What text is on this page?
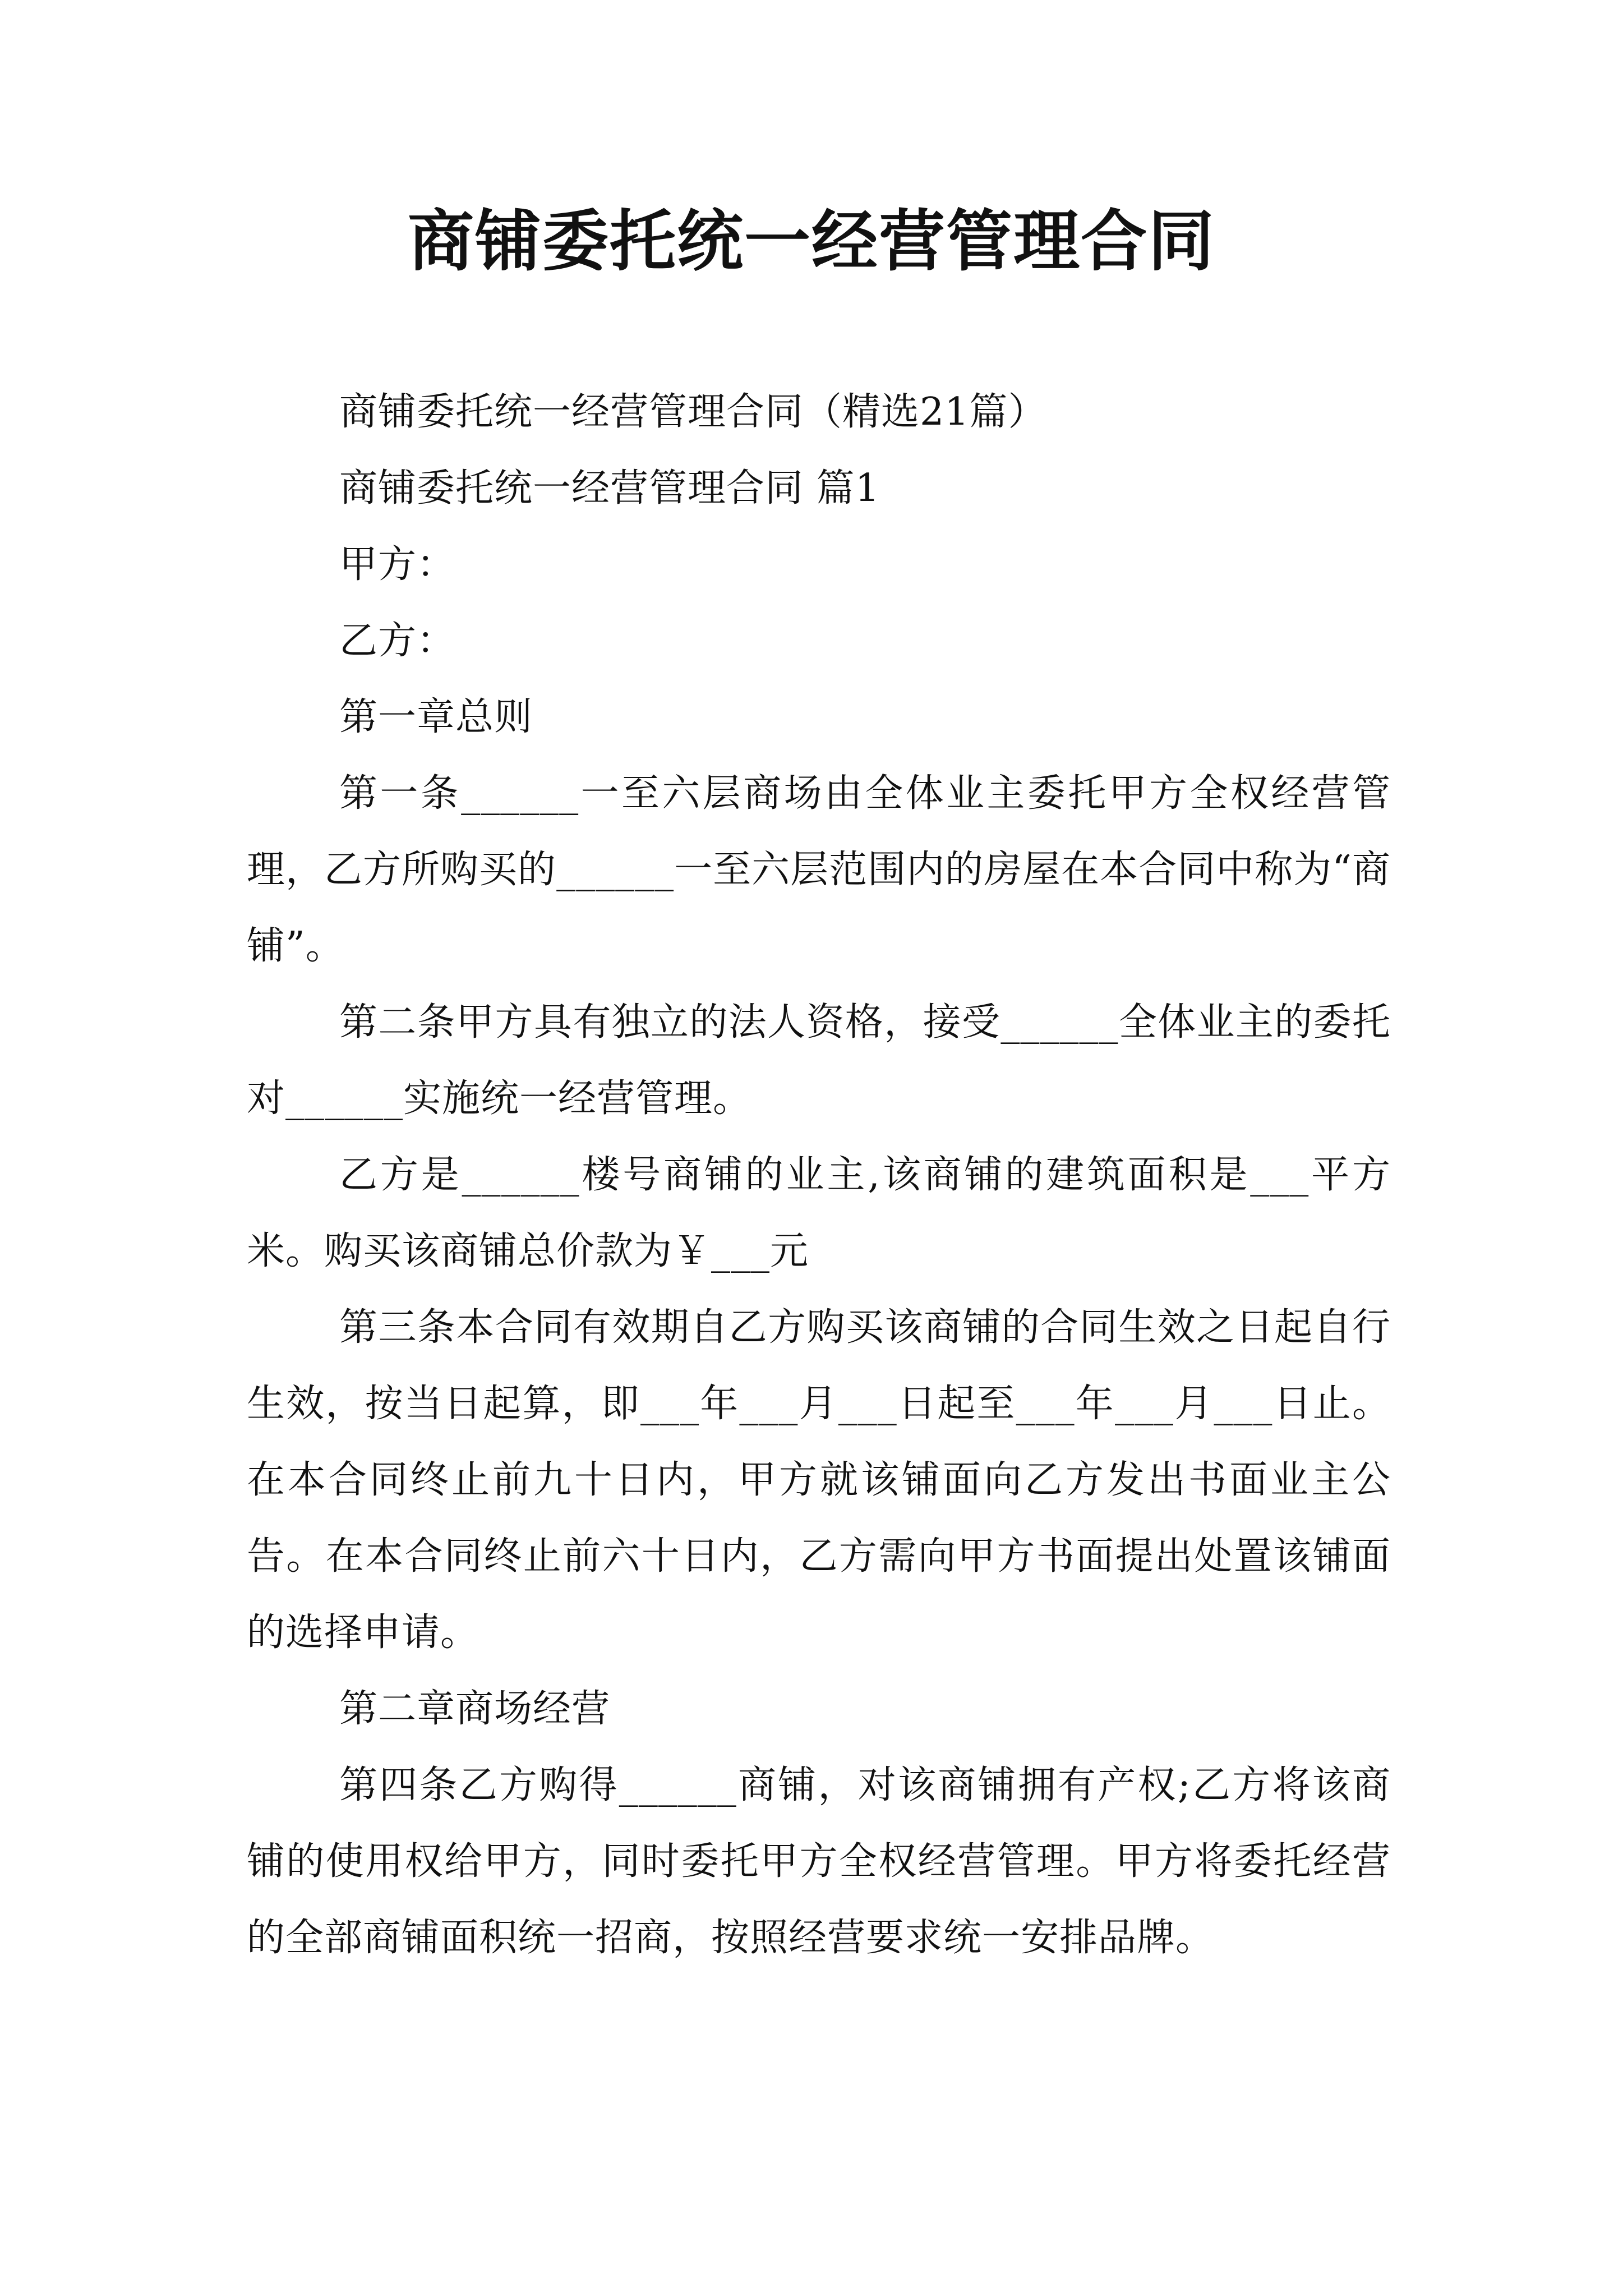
商铺委托统一经营管理合同

商铺委托统一经营管理合同（精选21篇）

商铺委托统一经营管理合同 篇1

甲方：

乙方：

第一章总则

第一条______一至六层商场由全体业主委托甲方全权经营管理，乙方所购买的______一至六层范围内的房屋在本合同中称为“商铺”。

第二条甲方具有独立的法人资格，接受______全体业主的委托对______实施统一经营管理。

乙方是______楼号商铺的业主,该商铺的建筑面积是___平方米。购买该商铺总价款为￥___元

第三条本合同有效期自乙方购买该商铺的合同生效之日起自行生效，按当日起算，即___年___月___日起至___年___月___日止。在本合同终止前九十日内，甲方就该铺面向乙方发出书面业主公告。在本合同终止前六十日内，乙方需向甲方书面提出处置该铺面的选择申请。

第二章商场经营

第四条乙方购得______商铺，对该商铺拥有产权;乙方将该商铺的使用权给甲方，同时委托甲方全权经营管理。甲方将委托经营的全部商铺面积统一招商，按照经营要求统一安排品牌。
